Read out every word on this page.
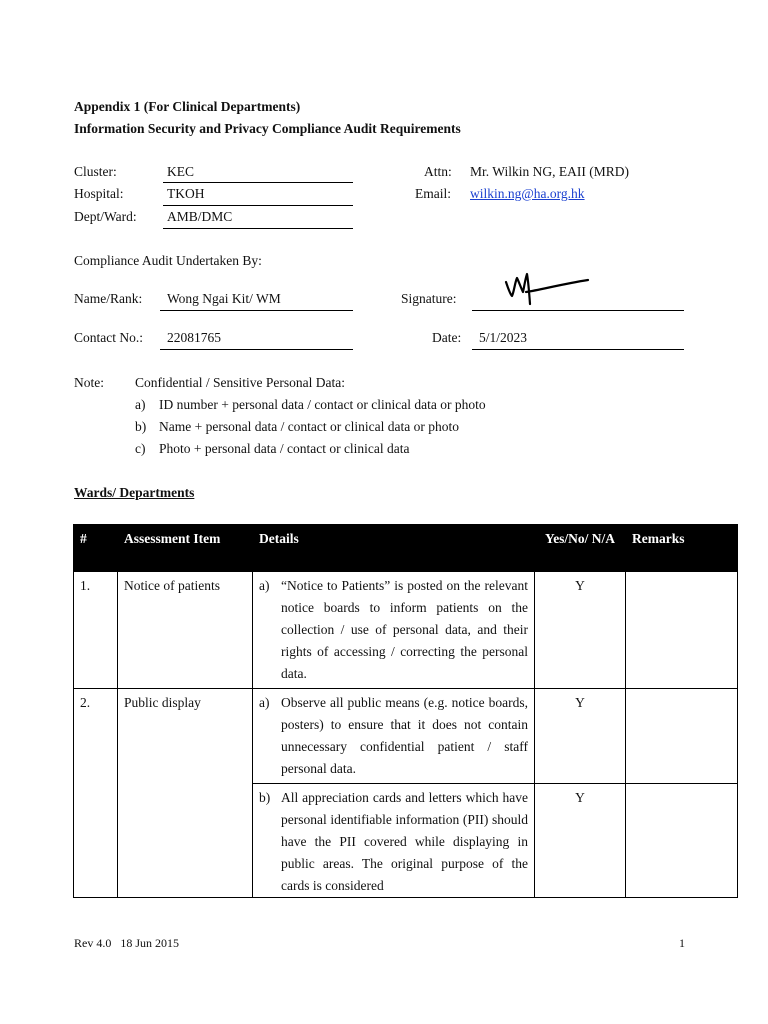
Appendix 1 (For Clinical Departments)
Information Security and Privacy Compliance Audit Requirements
Cluster:	KEC
Hospital:	TKOH
Dept/Ward: AMB/DMC
Attn: Mr. Wilkin NG, EAII (MRD)
Email: wilkin.ng@ha.org.hk
Compliance Audit Undertaken By:
Name/Rank: Wong Ngai Kit/ WM	Signature:
Contact No.: 22081765	Date: 5/1/2023
Note: Confidential / Sensitive Personal Data:
a) ID number + personal data / contact or clinical data or photo
b) Name + personal data / contact or clinical data or photo
c) Photo + personal data / contact or clinical data
Wards/ Departments
#	Assessment Item	Details	Yes/No/ N/A	Remarks
1.	Notice of patients	a) “Notice to Patients” is posted on the relevant notice boards to inform patients on the collection / use of personal data, and their rights of accessing / correcting the personal data.	Y	
2.	Public display	a) Observe all public means (e.g. notice boards, posters) to ensure that it does not contain unnecessary confidential patient / staff personal data.	Y	

		b) All appreciation cards and letters which have personal identifiable information (PII) should have the PII covered while displaying in public areas. The original purpose of the cards is considered	Y	
Rev 4.0   18 Jun 2015	1
